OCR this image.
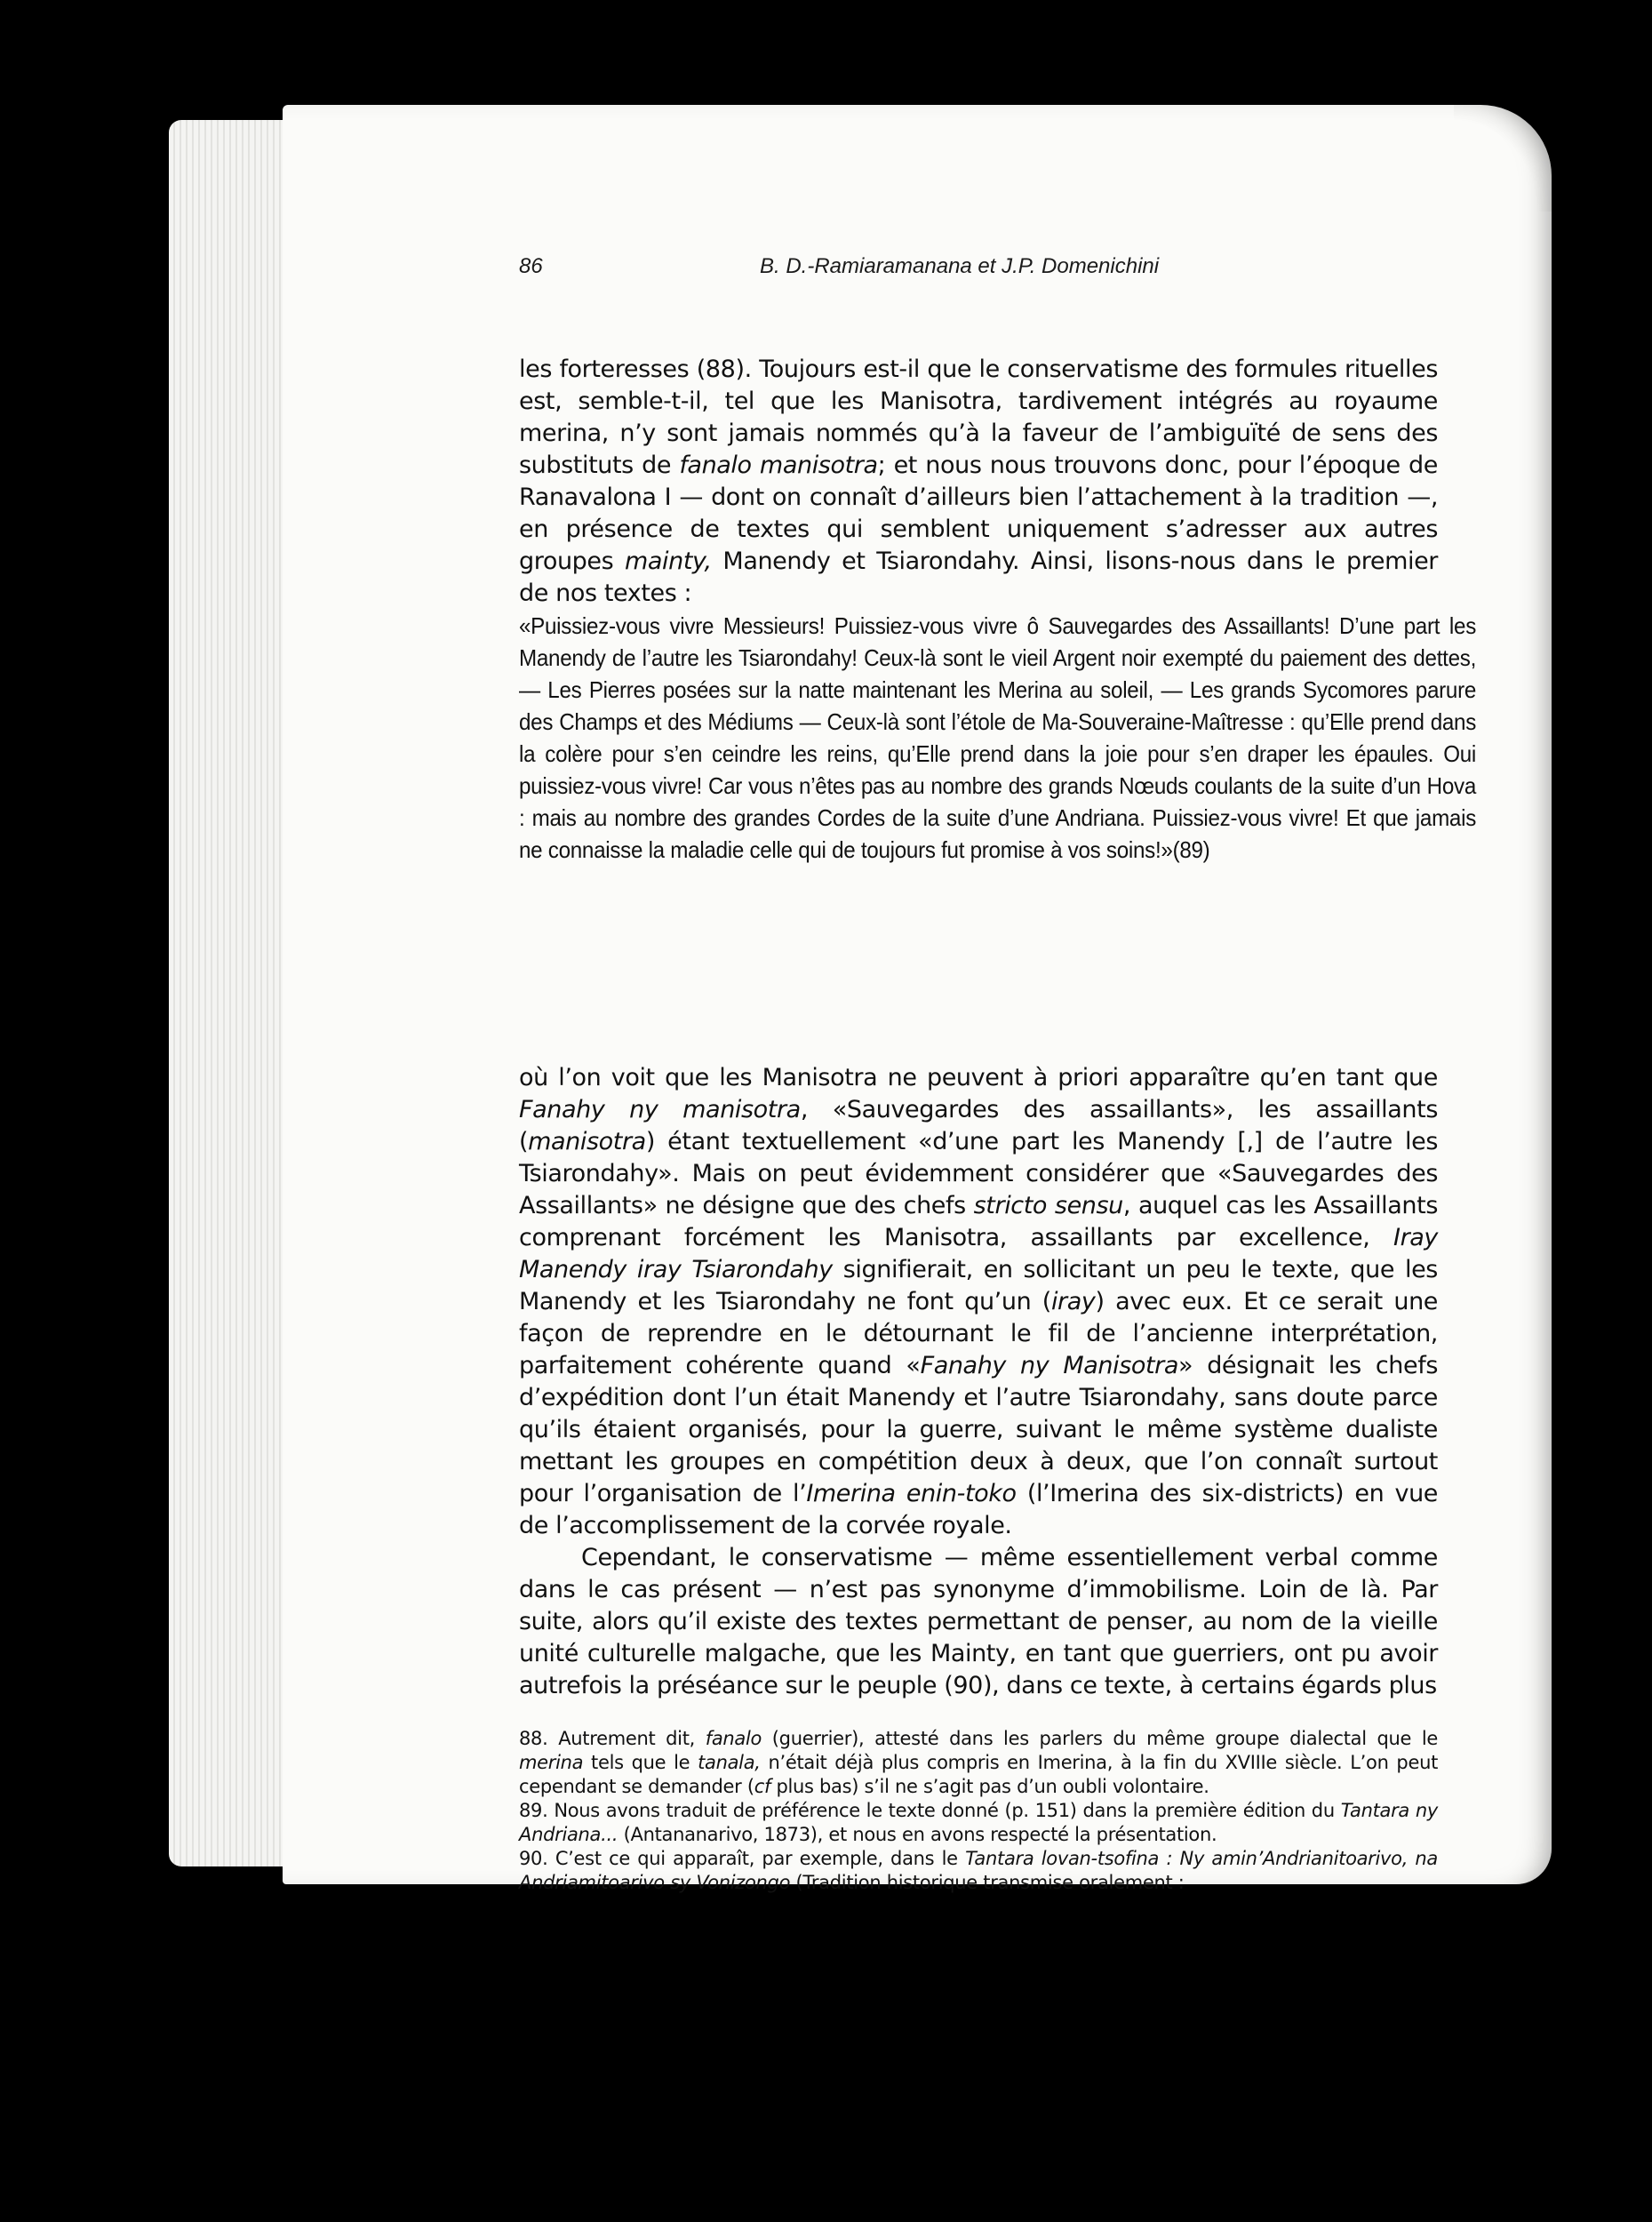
86	B. D.-Ramiaramanana et J.P. Domenichini

les forteresses (88). Toujours est-il que le conservatisme des formules rituelles est, semble-t-il, tel que les Manisotra, tardivement intégrés au royaume merina, n’y sont jamais nommés qu’à la faveur de l’ambiguïté de sens des substituts de fanalo manisotra; et nous nous trouvons donc, pour l’époque de Ranavalona I — dont on connaît d’ailleurs bien l’attachement à la tradition —, en présence de textes qui semblent uniquement s’adresser aux autres groupes mainty, Manendy et Tsiarondahy. Ainsi, lisons-nous dans le premier de nos textes :

«Puissiez-vous vivre Messieurs! Puissiez-vous vivre ô Sauvegardes des Assaillants! D’une part les Manendy de l’autre les Tsiarondahy! Ceux-là sont le vieil Argent noir exempté du paiement des dettes, — Les Pierres posées sur la natte maintenant les Merina au soleil, — Les grands Sycomores parure des Champs et des Médiums — Ceux-là sont l’étole de Ma-Souveraine-Maîtresse : qu’Elle prend dans la colère pour s’en ceindre les reins, qu’Elle prend dans la joie pour s’en draper les épaules. Oui puissiez-vous vivre! Car vous n’êtes pas au nombre des grands Nœuds coulants de la suite d’un Hova : mais au nombre des grandes Cordes de la suite d’une Andriana. Puissiez-vous vivre! Et que jamais ne connaisse la maladie celle qui de toujours fut promise à vos soins!»(89)

où l’on voit que les Manisotra ne peuvent à priori apparaître qu’en tant que Fanahy ny manisotra, «Sauvegardes des assaillants», les assaillants (manisotra) étant textuellement «d’une part les Manendy [,] de l’autre les Tsiarondahy». Mais on peut évidemment considérer que «Sauvegardes des Assaillants» ne désigne que des chefs stricto sensu, auquel cas les Assaillants comprenant forcément les Manisotra, assaillants par excellence, Iray Manendy iray Tsiarondahy signifierait, en sollicitant un peu le texte, que les Manendy et les Tsiarondahy ne font qu’un (iray) avec eux. Et ce serait une façon de reprendre en le détournant le fil de l’ancienne interprétation, parfaitement cohérente quand «Fanahy ny Manisotra» désignait les chefs d’expédition dont l’un était Manendy et l’autre Tsiarondahy, sans doute parce qu’ils étaient organisés, pour la guerre, suivant le même système dualiste mettant les groupes en compétition deux à deux, que l’on connaît surtout pour l’organisation de l’Imerina enin-toko (l’Imerina des six-districts) en vue de l’accomplissement de la corvée royale.

Cependant, le conservatisme — même essentiellement verbal comme dans le cas présent — n’est pas synonyme d’immobilisme. Loin de là. Par suite, alors qu’il existe des textes permettant de penser, au nom de la vieille unité culturelle malgache, que les Mainty, en tant que guerriers, ont pu avoir autrefois la préséance sur le peuple (90), dans ce texte, à certains égards plus

88. Autrement dit, fanalo (guerrier), attesté dans les parlers du même groupe dialectal que le merina tels que le tanala, n’était déjà plus compris en Imerina, à la fin du XVIIIe siècle. L’on peut cependant se demander (cf plus bas) s’il ne s’agit pas d’un oubli volontaire.

89. Nous avons traduit de préférence le texte donné (p. 151) dans la première édition du Tantara ny Andriana... (Antananarivo, 1873), et nous en avons respecté la présentation.

90. C’est ce qui apparaît, par exemple, dans le Tantara lovan-tsofina : Ny amin’Andrianitoarivo, na Andriamitoarivo sy Vonizongo (Tradition historique transmise oralement :
